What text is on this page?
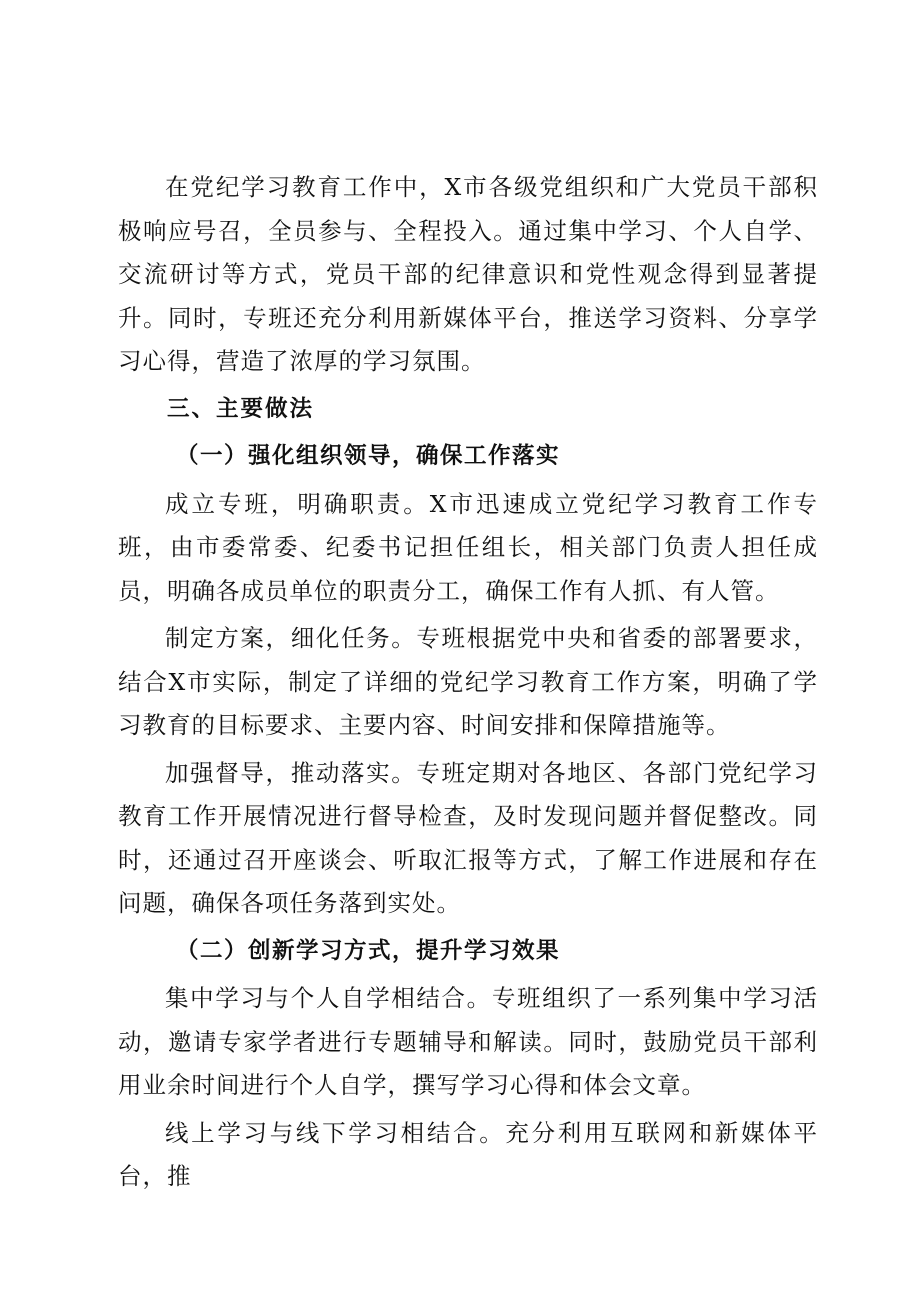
在党纪学习教育工作中，X市各级党组织和广大党员干部积极响应号召，全员参与、全程投入。通过集中学习、个人自学、交流研讨等方式，党员干部的纪律意识和党性观念得到显著提升。同时，专班还充分利用新媒体平台，推送学习资料、分享学习心得，营造了浓厚的学习氛围。

三、主要做法
（一）强化组织领导，确保工作落实

成立专班，明确职责。X市迅速成立党纪学习教育工作专班，由市委常委、纪委书记担任组长，相关部门负责人担任成员，明确各成员单位的职责分工，确保工作有人抓、有人管。

制定方案，细化任务。专班根据党中央和省委的部署要求，结合X市实际，制定了详细的党纪学习教育工作方案，明确了学习教育的目标要求、主要内容、时间安排和保障措施等。

加强督导，推动落实。专班定期对各地区、各部门党纪学习教育工作开展情况进行督导检查，及时发现问题并督促整改。同时，还通过召开座谈会、听取汇报等方式，了解工作进展和存在问题，确保各项任务落到实处。

（二）创新学习方式，提升学习效果

集中学习与个人自学相结合。专班组织了一系列集中学习活动，邀请专家学者进行专题辅导和解读。同时，鼓励党员干部利用业余时间进行个人自学，撰写学习心得和体会文章。

线上学习与线下学习相结合。充分利用互联网和新媒体平台，推
